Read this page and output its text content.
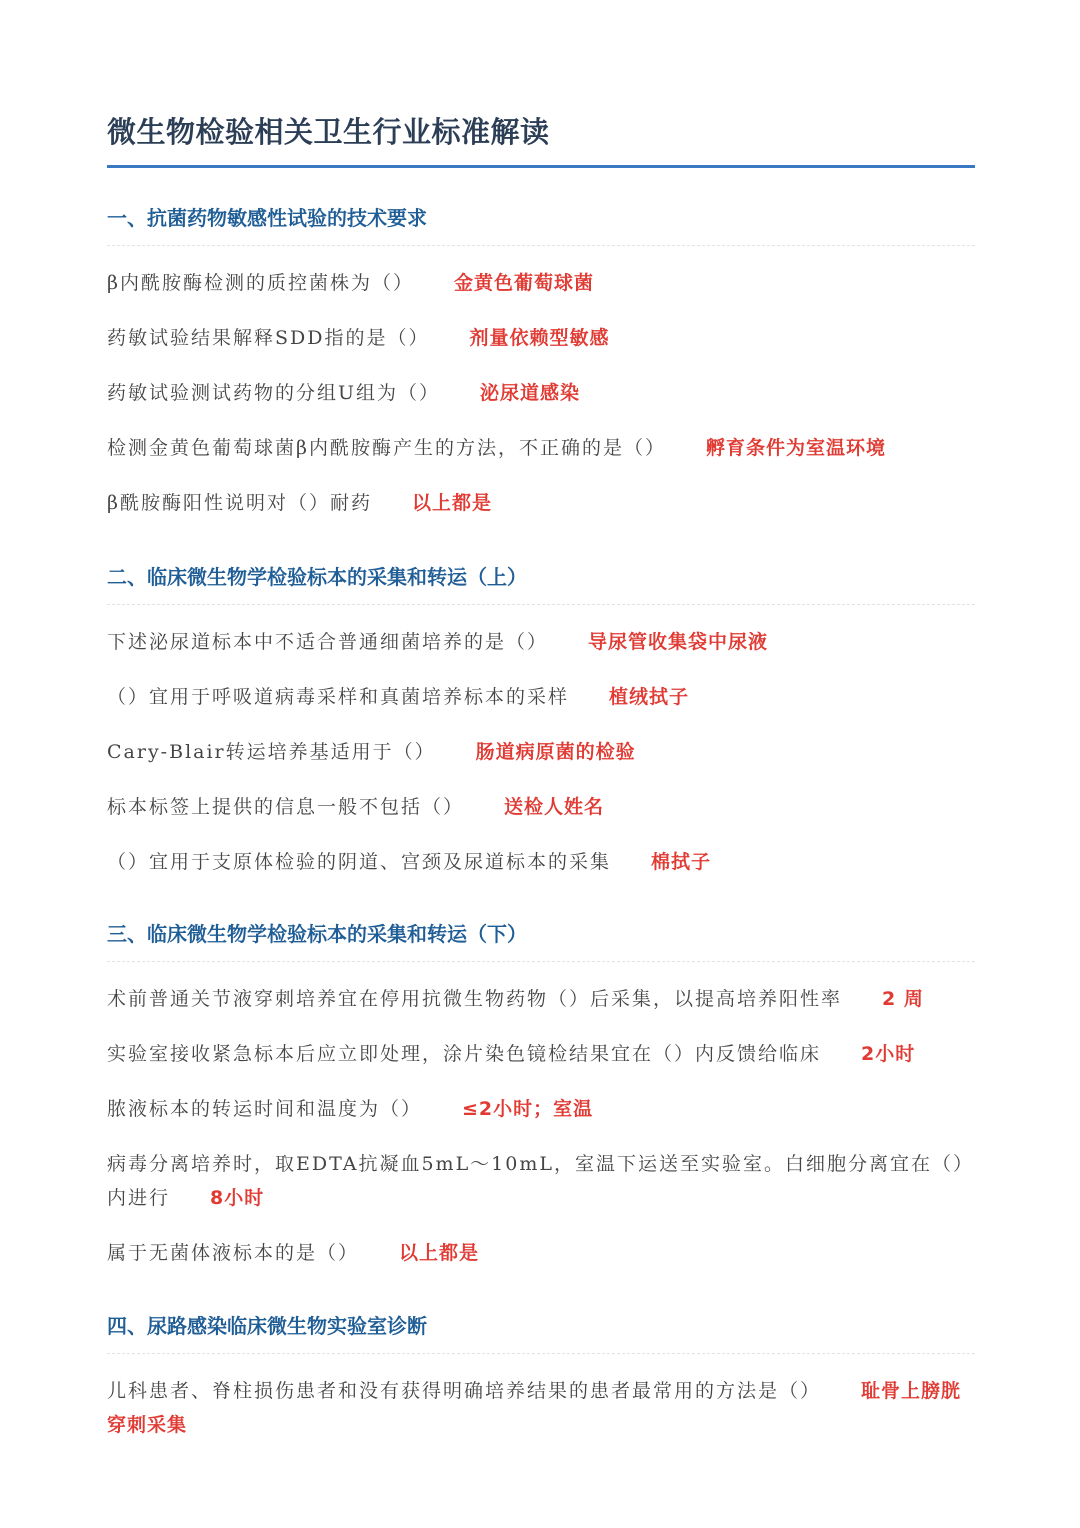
微生物检验相关卫生行业标准解读
一、抗菌药物敏感性试验的技术要求
β内酰胺酶检测的质控菌株为（） 金黄色葡萄球菌
药敏试验结果解释SDD指的是（） 剂量依赖型敏感
药敏试验测试药物的分组U组为（） 泌尿道感染
检测金黄色葡萄球菌β内酰胺酶产生的方法，不正确的是（） 孵育条件为室温环境
β酰胺酶阳性说明对（）耐药 以上都是
二、临床微生物学检验标本的采集和转运（上）
下述泌尿道标本中不适合普通细菌培养的是（） 导尿管收集袋中尿液
（）宜用于呼吸道病毒采样和真菌培养标本的采样 植绒拭子
Cary-Blair转运培养基适用于（） 肠道病原菌的检验
标本标签上提供的信息一般不包括（） 送检人姓名
（）宜用于支原体检验的阴道、宫颈及尿道标本的采集 棉拭子
三、临床微生物学检验标本的采集和转运（下）
术前普通关节液穿刺培养宜在停用抗微生物药物（）后采集，以提高培养阳性率 2 周
实验室接收紧急标本后应立即处理，涂片染色镜检结果宜在（）内反馈给临床 2小时
脓液标本的转运时间和温度为（） ≤2小时；室温
病毒分离培养时，取EDTA抗凝血5mL～10mL，室温下运送至实验室。白细胞分离宜在（）内进行 8小时
属于无菌体液标本的是（） 以上都是
四、尿路感染临床微生物实验室诊断
儿科患者、脊柱损伤患者和没有获得明确培养结果的患者最常用的方法是（） 耻骨上膀胱穿刺采集
